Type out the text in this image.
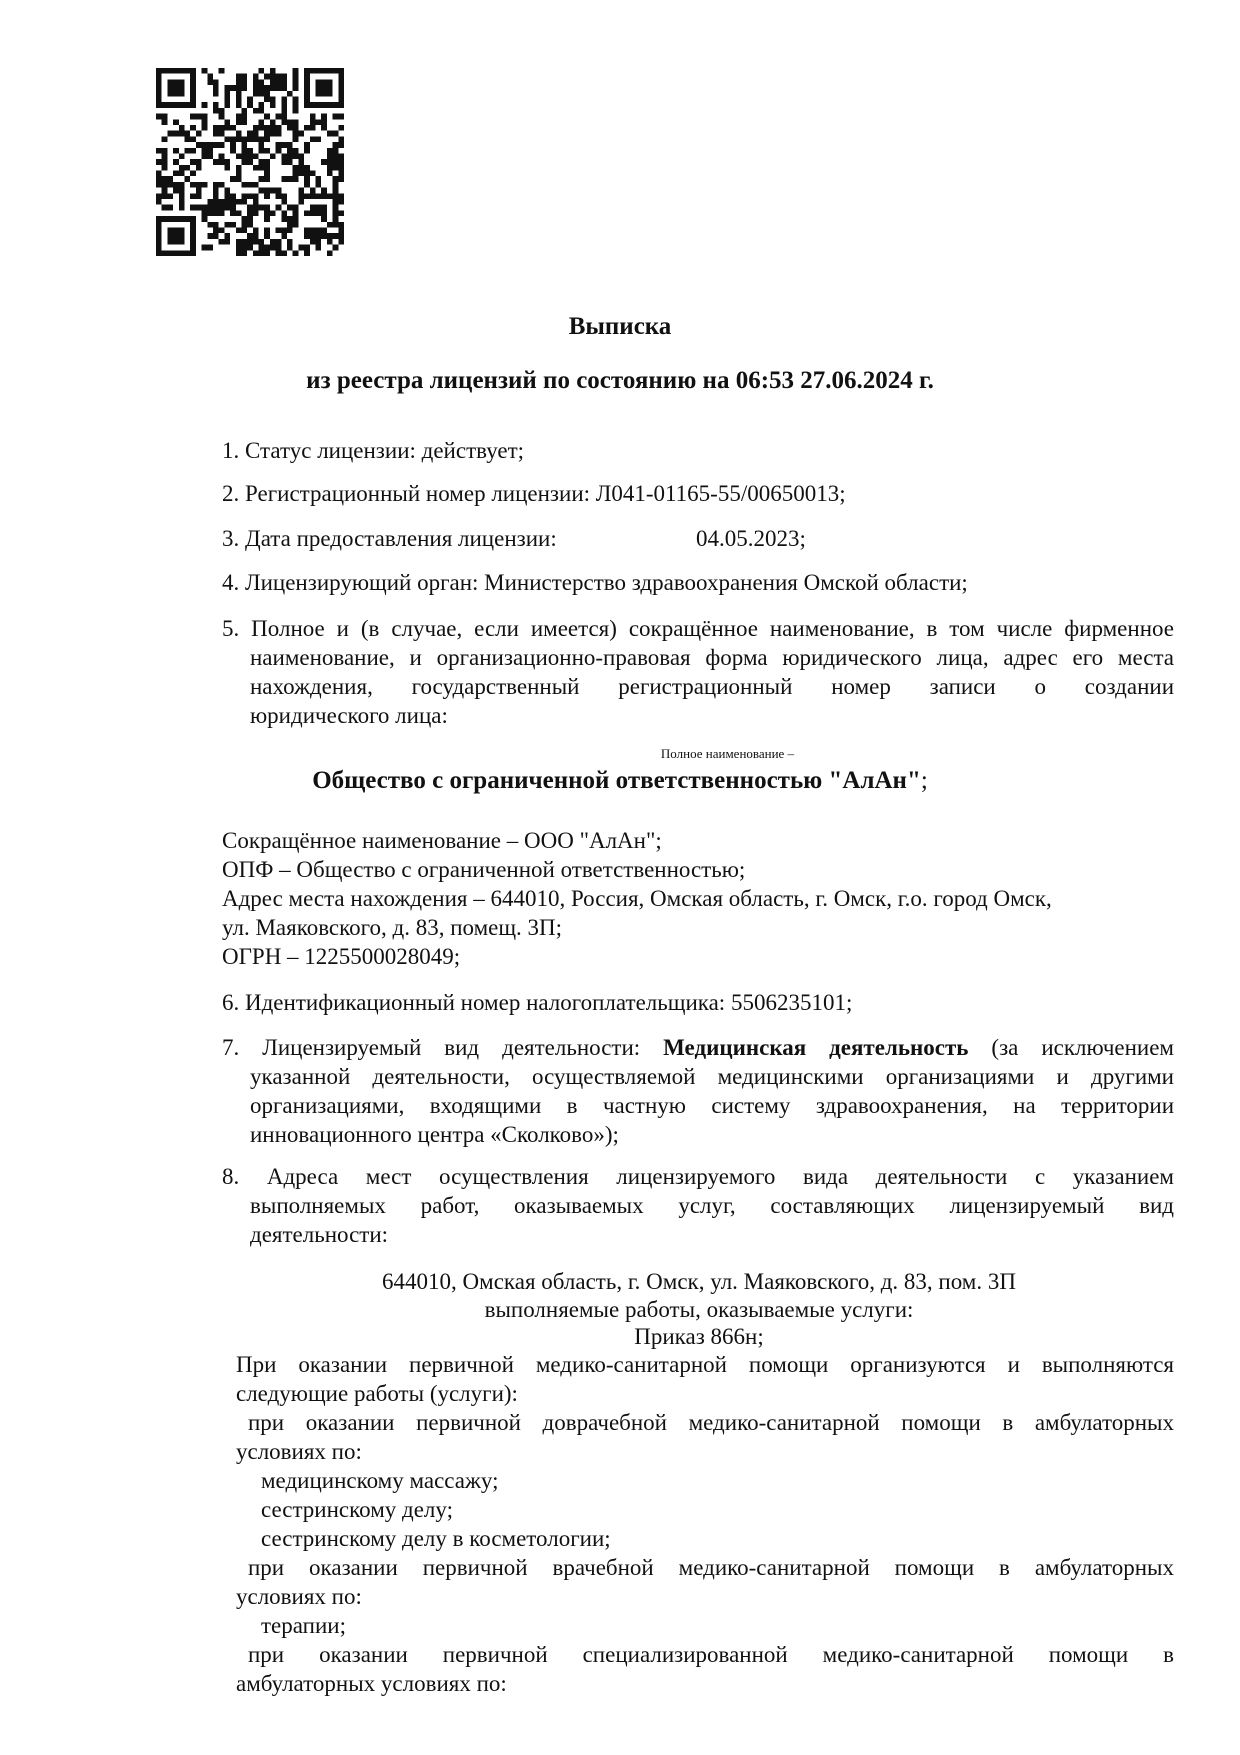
Выписка
из реестра лицензий по состоянию на 06:53 27.06.2024 г.
1. Статус лицензии: действует;
2. Регистрационный номер лицензии: Л041-01165-55/00650013;
3. Дата предоставления лицензии:	04.05.2023;
4. Лицензирующий орган: Министерство здравоохранения Омской области;
5. Полное и (в случае, если имеется) сокращённое наименование, в том числе фирменное
наименование, и организационно-правовая форма юридического лица, адрес его места
нахождения, государственный регистрационный номер записи о создании
юридического лица:
Полное наименование –
Общество с ограниченной ответственностью "АлАн";
Сокращённое наименование – ООО "АлАн";
ОПФ – Общество с ограниченной ответственностью;
Адрес места нахождения – 644010, Россия, Омская область, г. Омск, г.о. город Омск,
ул. Маяковского, д. 83, помещ. 3П;
ОГРН – 1225500028049;
6. Идентификационный номер налогоплательщика: 5506235101;
7. Лицензируемый вид деятельности: Медицинская деятельность (за исключением
указанной деятельности, осуществляемой медицинскими организациями и другими
организациями, входящими в частную систему здравоохранения, на территории
инновационного центра «Сколково»);
8. Адреса мест осуществления лицензируемого вида деятельности с указанием
выполняемых работ, оказываемых услуг, составляющих лицензируемый вид
деятельности:
644010, Омская область, г. Омск, ул. Маяковского, д. 83, пом. 3П
выполняемые работы, оказываемые услуги:
Приказ 866н;
При оказании первичной медико-санитарной помощи организуются и выполняются
следующие работы (услуги):
при оказании первичной доврачебной медико-санитарной помощи в амбулаторных
условиях по:
медицинскому массажу;
сестринскому делу;
сестринскому делу в косметологии;
при оказании первичной врачебной медико-санитарной помощи в амбулаторных
условиях по:
терапии;
при оказании первичной специализированной медико-санитарной помощи в
амбулаторных условиях по:
